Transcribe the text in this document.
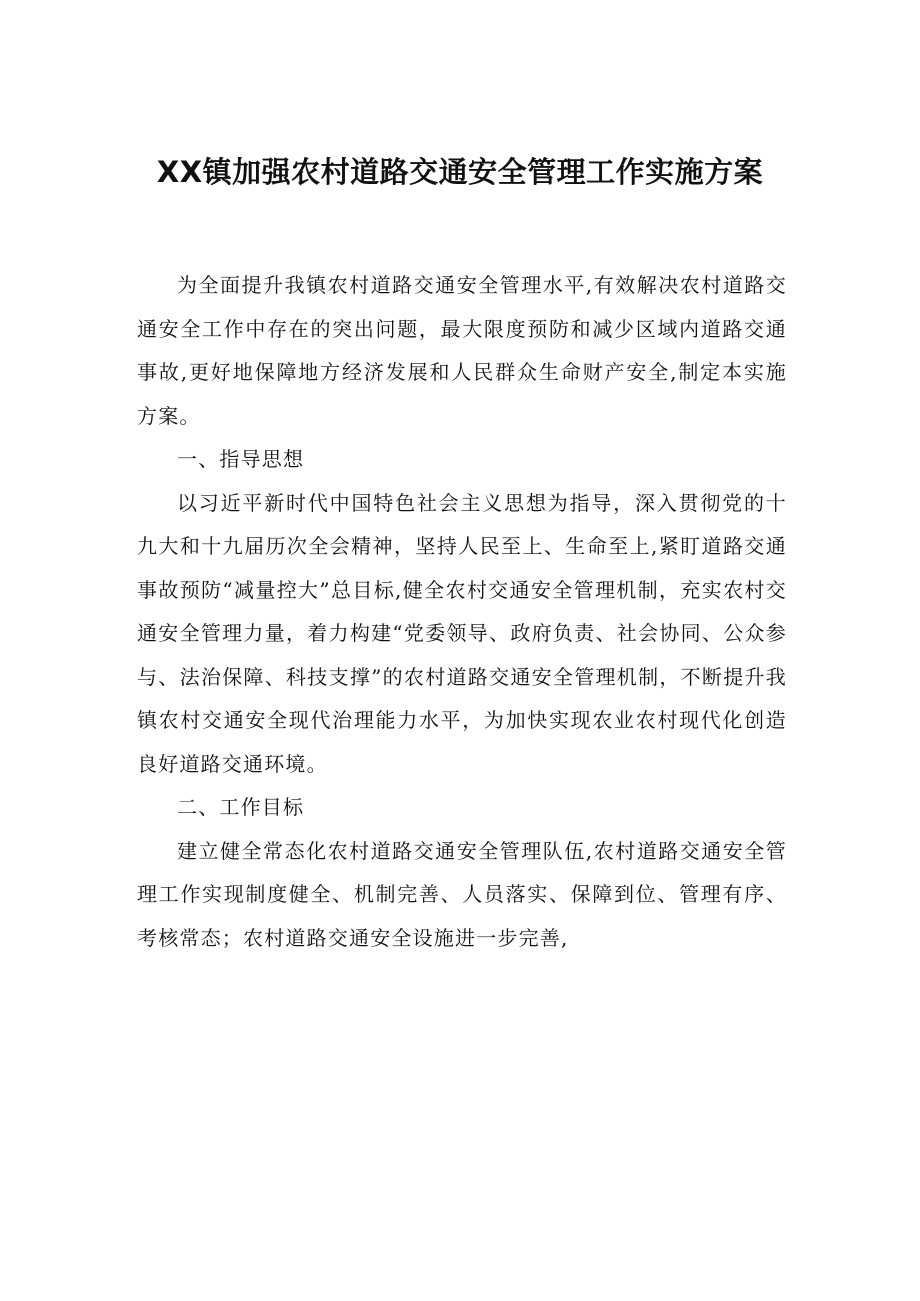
XX镇加强农村道路交通安全管理工作实施方案

为全面提升我镇农村道路交通安全管理水平,有效解决农村道路交通安全工作中存在的突出问题，最大限度预防和减少区域内道路交通事故,更好地保障地方经济发展和人民群众生命财产安全,制定本实施方案。

一、指导思想

以习近平新时代中国特色社会主义思想为指导，深入贯彻党的十九大和十九届历次全会精神，坚持人民至上、生命至上,紧盯道路交通事故预防“减量控大”总目标,健全农村交通安全管理机制，充实农村交通安全管理力量，着力构建“党委领导、政府负责、社会协同、公众参与、法治保障、科技支撑”的农村道路交通安全管理机制，不断提升我镇农村交通安全现代治理能力水平，为加快实现农业农村现代化创造良好道路交通环境。

二、工作目标

建立健全常态化农村道路交通安全管理队伍,农村道路交通安全管理工作实现制度健全、机制完善、人员落实、保障到位、管理有序、考核常态；农村道路交通安全设施进一步完善,
